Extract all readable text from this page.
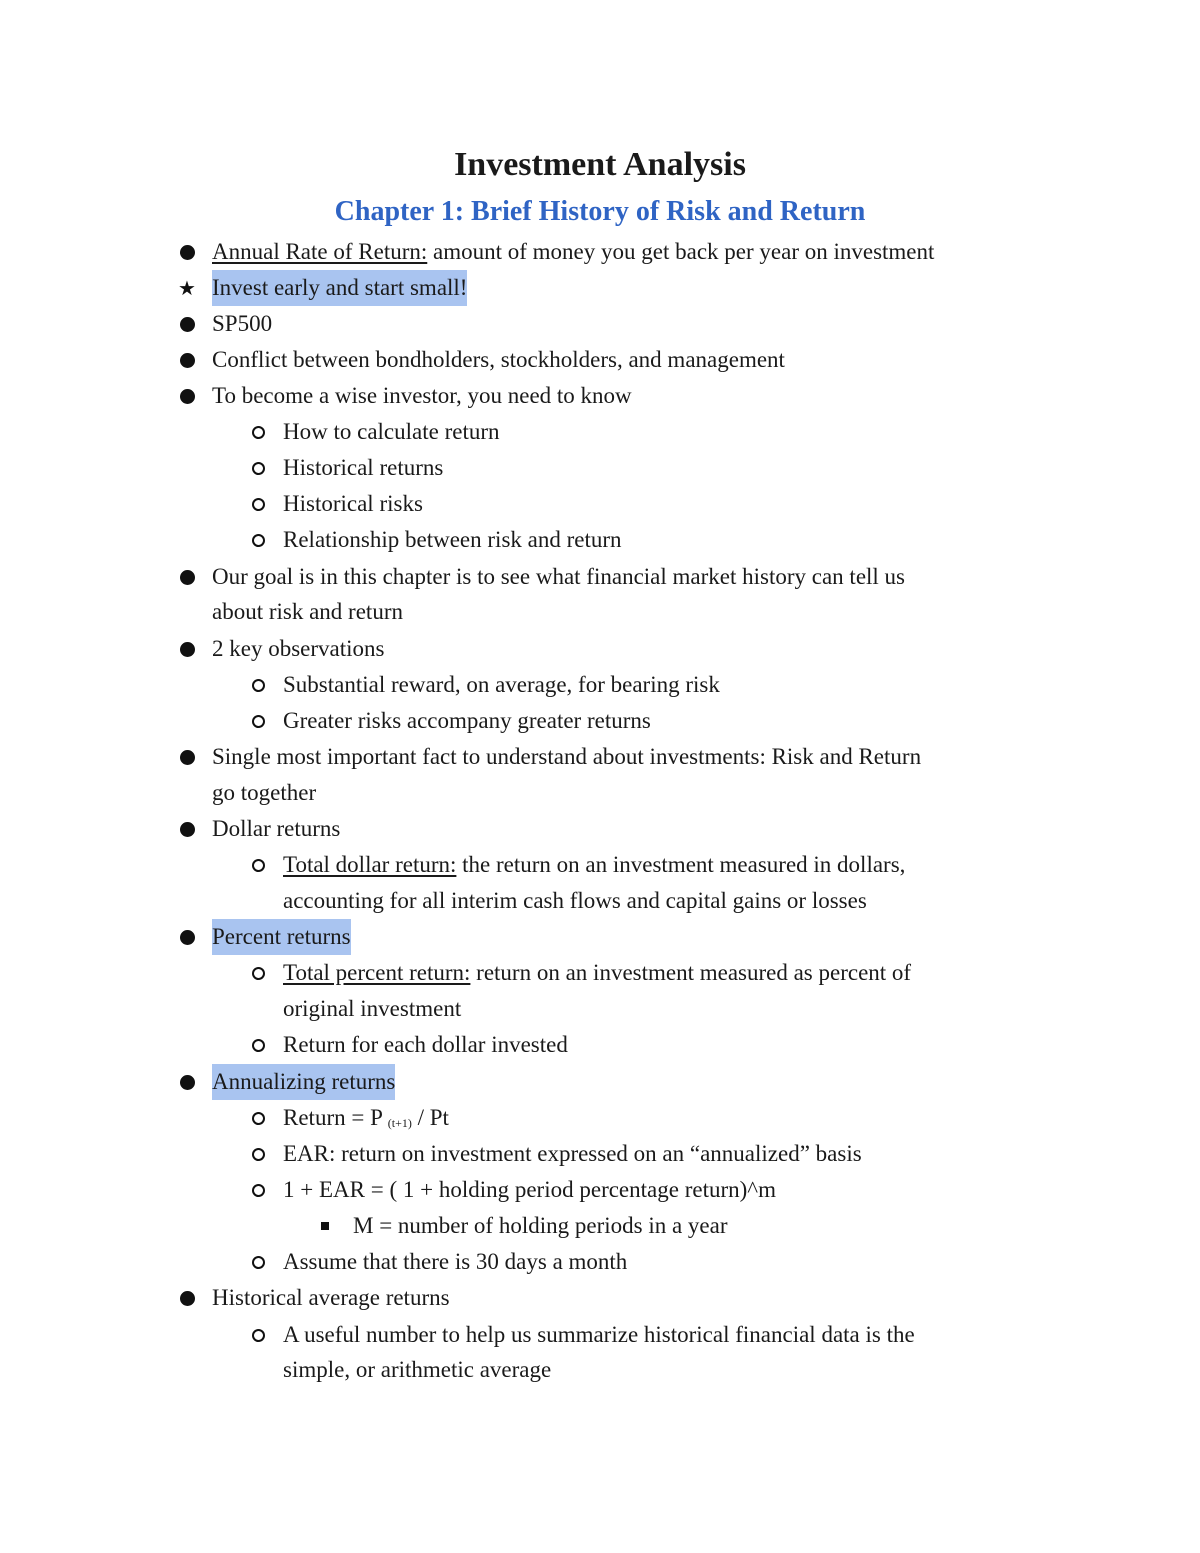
Investment Analysis
Chapter 1: Brief History of Risk and Return
Annual Rate of Return: amount of money you get back per year on investment
★ Invest early and start small!
SP500
Conflict between bondholders, stockholders, and management
To become a wise investor, you need to know
How to calculate return
Historical returns
Historical risks
Relationship between risk and return
Our goal is in this chapter is to see what financial market history can tell us
about risk and return
2 key observations
Substantial reward, on average, for bearing risk
Greater risks accompany greater returns
Single most important fact to understand about investments: Risk and Return
go together
Dollar returns
Total dollar return: the return on an investment measured in dollars,
accounting for all interim cash flows and capital gains or losses
Percent returns
Total percent return: return on an investment measured as percent of
original investment
Return for each dollar invested
Annualizing returns
Return = P $_{(t+1)}$ / Pt
EAR: return on investment expressed on an “annualized” basis
1 + EAR = ( 1 + holding period percentage return)^m
M = number of holding periods in a year
Assume that there is 30 days a month
Historical average returns
A useful number to help us summarize historical financial data is the
simple, or arithmetic average
